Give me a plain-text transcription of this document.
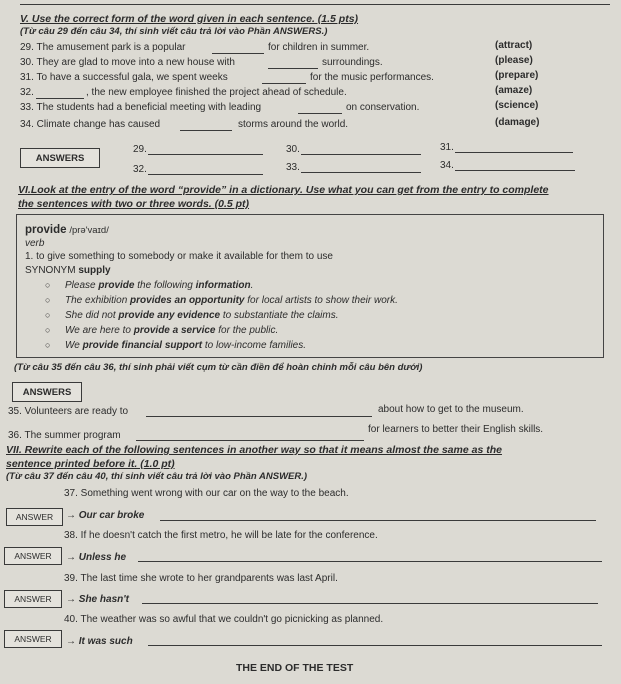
V. Use the correct form of the word given in each sentence. (1.5 pts)
(Từ câu 29 đến câu 34, thí sinh viết câu trả lời vào Phần ANSWERS.)
29. The amusement park is a popular	for children in summer.	(attract)
30. They are glad to move into a new house with	surroundings.	(please)
31. To have a successful gala, we spent weeks	for the music performances.	(prepare)
32.	, the new employee finished the project ahead of schedule.	(amaze)
33. The students had a beneficial meeting with leading	on conservation.	(science)
34. Climate change has caused	storms around the world.	(damage)
ANSWERS
29.	30.	31.
32.	33.	34.
VI.Look at the entry of the word “provide” in a dictionary. Use what you can get from the entry to complete
the sentences with two or three words. (0.5 pt)
provide /prə'vaɪd/
verb
1. to give something to somebody or make it available for them to use
SYNONYM supply
○ Please provide the following information.
○ The exhibition provides an opportunity for local artists to show their work.
○ She did not provide any evidence to substantiate the claims.
○ We are here to provide a service for the public.
○ We provide financial support to low-income families.
(Từ câu 35 đến câu 36, thí sinh phải viết cụm từ cần điền để hoàn chỉnh mỗi câu bên dưới)
ANSWERS
35. Volunteers are ready to	about how to get to the museum.
36. The summer program
for learners to better their English skills.
VII. Rewrite each of the following sentences in another way so that it means almost the same as the
sentence printed before it. (1.0 pt)
(Từ câu 37 đến câu 40, thí sinh viết câu trả lời vào Phần ANSWER.)
37. Something went wrong with our car on the way to the beach.
ANSWER	→ Our car broke
38. If he doesn't catch the first metro, he will be late for the conference.
ANSWER	→ Unless he
39. The last time she wrote to her grandparents was last April.
ANSWER	→ She hasn't
40. The weather was so awful that we couldn't go picnicking as planned.
ANSWER	→ It was such
THE END OF THE TEST
